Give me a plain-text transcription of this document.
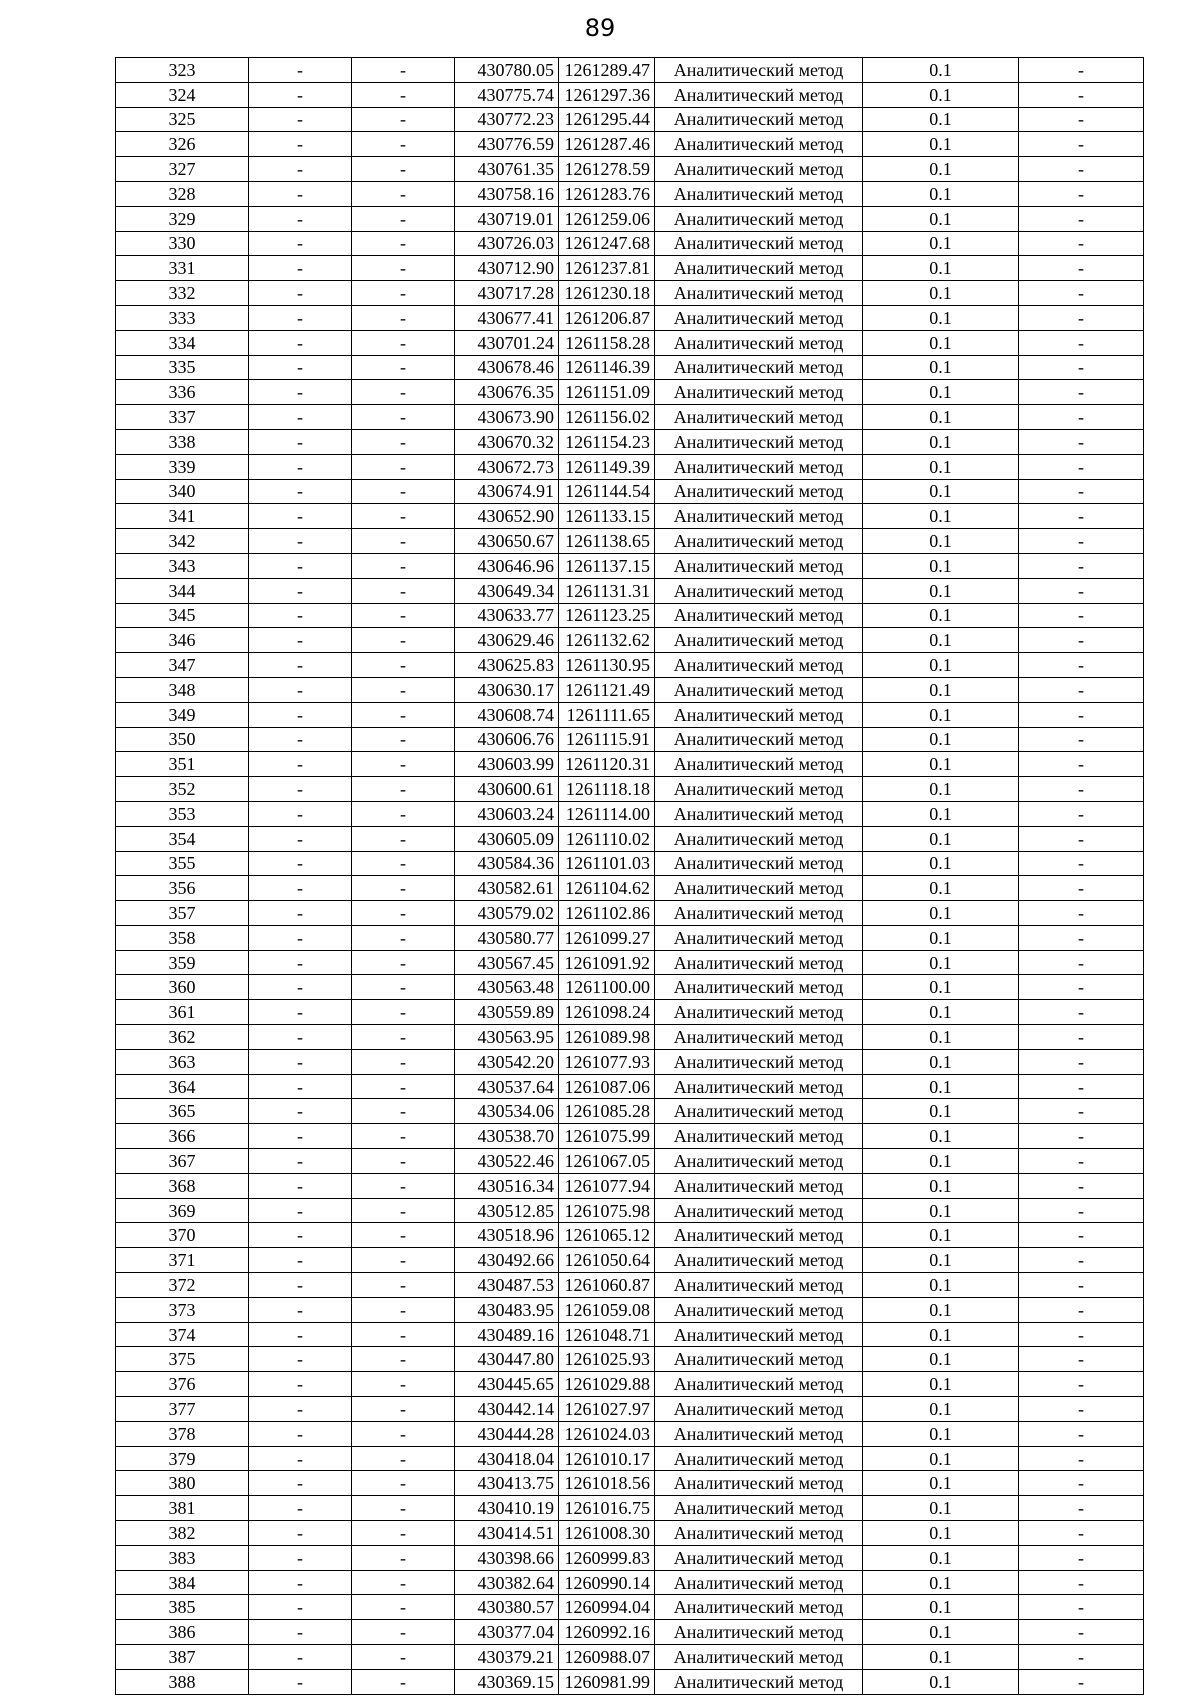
89
323	-	-	430780.05	1261289.47	Аналитический метод	0.1	-
324	-	-	430775.74	1261297.36	Аналитический метод	0.1	-
325	-	-	430772.23	1261295.44	Аналитический метод	0.1	-
326	-	-	430776.59	1261287.46	Аналитический метод	0.1	-
327	-	-	430761.35	1261278.59	Аналитический метод	0.1	-
328	-	-	430758.16	1261283.76	Аналитический метод	0.1	-
329	-	-	430719.01	1261259.06	Аналитический метод	0.1	-
330	-	-	430726.03	1261247.68	Аналитический метод	0.1	-
331	-	-	430712.90	1261237.81	Аналитический метод	0.1	-
332	-	-	430717.28	1261230.18	Аналитический метод	0.1	-
333	-	-	430677.41	1261206.87	Аналитический метод	0.1	-
334	-	-	430701.24	1261158.28	Аналитический метод	0.1	-
335	-	-	430678.46	1261146.39	Аналитический метод	0.1	-
336	-	-	430676.35	1261151.09	Аналитический метод	0.1	-
337	-	-	430673.90	1261156.02	Аналитический метод	0.1	-
338	-	-	430670.32	1261154.23	Аналитический метод	0.1	-
339	-	-	430672.73	1261149.39	Аналитический метод	0.1	-
340	-	-	430674.91	1261144.54	Аналитический метод	0.1	-
341	-	-	430652.90	1261133.15	Аналитический метод	0.1	-
342	-	-	430650.67	1261138.65	Аналитический метод	0.1	-
343	-	-	430646.96	1261137.15	Аналитический метод	0.1	-
344	-	-	430649.34	1261131.31	Аналитический метод	0.1	-
345	-	-	430633.77	1261123.25	Аналитический метод	0.1	-
346	-	-	430629.46	1261132.62	Аналитический метод	0.1	-
347	-	-	430625.83	1261130.95	Аналитический метод	0.1	-
348	-	-	430630.17	1261121.49	Аналитический метод	0.1	-
349	-	-	430608.74	1261111.65	Аналитический метод	0.1	-
350	-	-	430606.76	1261115.91	Аналитический метод	0.1	-
351	-	-	430603.99	1261120.31	Аналитический метод	0.1	-
352	-	-	430600.61	1261118.18	Аналитический метод	0.1	-
353	-	-	430603.24	1261114.00	Аналитический метод	0.1	-
354	-	-	430605.09	1261110.02	Аналитический метод	0.1	-
355	-	-	430584.36	1261101.03	Аналитический метод	0.1	-
356	-	-	430582.61	1261104.62	Аналитический метод	0.1	-
357	-	-	430579.02	1261102.86	Аналитический метод	0.1	-
358	-	-	430580.77	1261099.27	Аналитический метод	0.1	-
359	-	-	430567.45	1261091.92	Аналитический метод	0.1	-
360	-	-	430563.48	1261100.00	Аналитический метод	0.1	-
361	-	-	430559.89	1261098.24	Аналитический метод	0.1	-
362	-	-	430563.95	1261089.98	Аналитический метод	0.1	-
363	-	-	430542.20	1261077.93	Аналитический метод	0.1	-
364	-	-	430537.64	1261087.06	Аналитический метод	0.1	-
365	-	-	430534.06	1261085.28	Аналитический метод	0.1	-
366	-	-	430538.70	1261075.99	Аналитический метод	0.1	-
367	-	-	430522.46	1261067.05	Аналитический метод	0.1	-
368	-	-	430516.34	1261077.94	Аналитический метод	0.1	-
369	-	-	430512.85	1261075.98	Аналитический метод	0.1	-
370	-	-	430518.96	1261065.12	Аналитический метод	0.1	-
371	-	-	430492.66	1261050.64	Аналитический метод	0.1	-
372	-	-	430487.53	1261060.87	Аналитический метод	0.1	-
373	-	-	430483.95	1261059.08	Аналитический метод	0.1	-
374	-	-	430489.16	1261048.71	Аналитический метод	0.1	-
375	-	-	430447.80	1261025.93	Аналитический метод	0.1	-
376	-	-	430445.65	1261029.88	Аналитический метод	0.1	-
377	-	-	430442.14	1261027.97	Аналитический метод	0.1	-
378	-	-	430444.28	1261024.03	Аналитический метод	0.1	-
379	-	-	430418.04	1261010.17	Аналитический метод	0.1	-
380	-	-	430413.75	1261018.56	Аналитический метод	0.1	-
381	-	-	430410.19	1261016.75	Аналитический метод	0.1	-
382	-	-	430414.51	1261008.30	Аналитический метод	0.1	-
383	-	-	430398.66	1260999.83	Аналитический метод	0.1	-
384	-	-	430382.64	1260990.14	Аналитический метод	0.1	-
385	-	-	430380.57	1260994.04	Аналитический метод	0.1	-
386	-	-	430377.04	1260992.16	Аналитический метод	0.1	-
387	-	-	430379.21	1260988.07	Аналитический метод	0.1	-
388	-	-	430369.15	1260981.99	Аналитический метод	0.1	-
